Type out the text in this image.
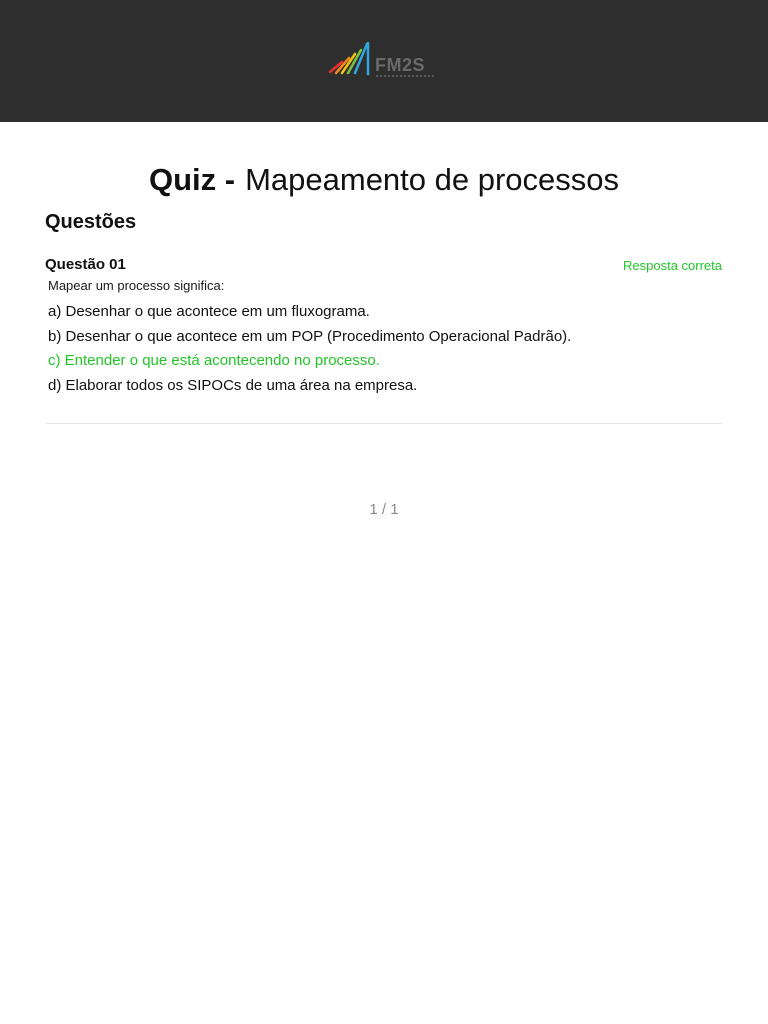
FM2S
Quiz - Mapeamento de processos
Questões
Questão 01	Resposta correta
Mapear um processo significa:
a) Desenhar o que acontece em um fluxograma.
b) Desenhar o que acontece em um POP (Procedimento Operacional Padrão).
c) Entender o que está acontecendo no processo.
d) Elaborar todos os SIPOCs de uma área na empresa.
1 / 1
